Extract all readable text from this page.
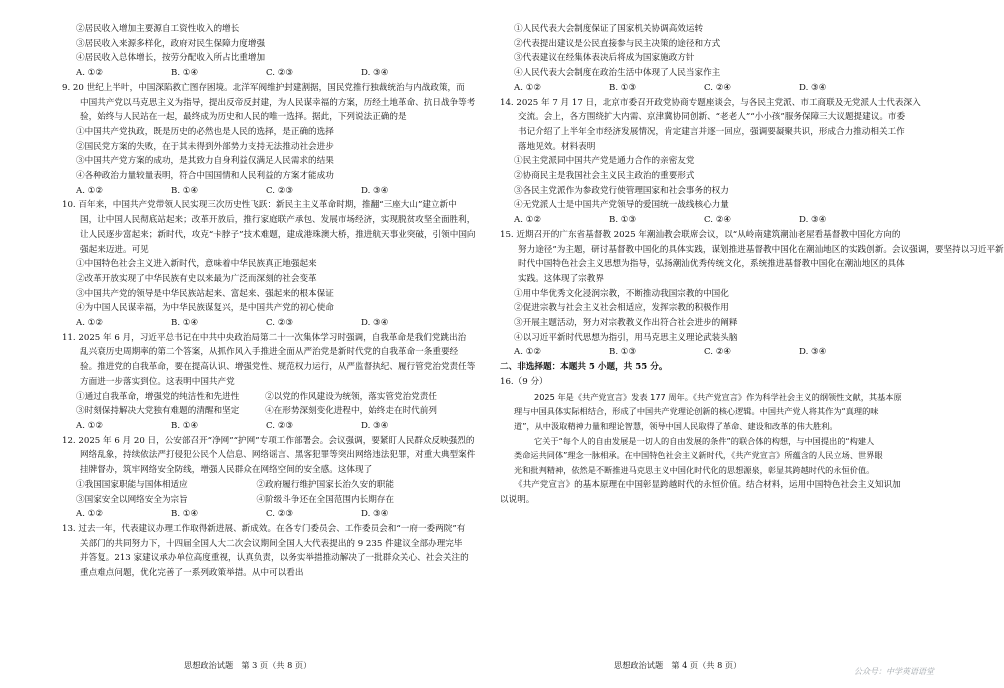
②居民收入增加主要源自工资性收入的增长
③居民收入来源多样化，政府对民生保障力度增强
④居民收入总体增长，按劳分配收入所占比重增加
A. ①②	B. ①④	C. ②③	D. ③④
9. 20 世纪上半叶，中国深陷救亡图存困境。北洋军阀维护封建割据，国民党推行独裁统治与内战政策，而
中国共产党以马克思主义为指导，提出反帝反封建，为人民谋幸福的方案，历经土地革命、抗日战争等考
验，始终与人民站在一起，最终成为历史和人民的唯一选择。据此，下列说法正确的是
①中国共产党执政，既是历史的必然也是人民的选择，是正确的选择
②国民党方案的失败，在于其未得到外部势力支持无法推动社会进步
③中国共产党方案的成功，是其致力自身利益仅满足人民需求的结果
④各种政治力量较量表明，符合中国国情和人民利益的方案才能成功
A. ①②	B. ①④	C. ②③	D. ③④
10. 百年来，中国共产党带领人民实现三次历史性飞跃：新民主主义革命时期，推翻“三座大山”建立新中
国，让中国人民彻底站起来；改革开放后，推行家庭联产承包、发展市场经济，实现脱贫攻坚全面胜利，
让人民逐步富起来；新时代，攻克“卡脖子”技术难题，建成港珠澳大桥，推进航天事业突破，引领中国向
强起来迈进。可见
①中国特色社会主义进入新时代，意味着中华民族真正地强起来
②改革开放实现了中华民族有史以来最为广泛而深刻的社会变革
③中国共产党的领导是中华民族站起来、富起来、强起来的根本保证
④为中国人民谋幸福，为中华民族谋复兴，是中国共产党的初心使命
A. ①②	B. ①④	C. ②③	D. ③④
11. 2025 年 6 月，习近平总书记在中共中央政治局第二十一次集体学习时强调，自我革命是我们党跳出治
乱兴衰历史周期率的第二个答案，从抓作风入手推进全面从严治党是新时代党的自我革命一条重要经
验。推进党的自我革命，要在提高认识、增强党性、规范权力运行，从严监督执纪、履行管党治党责任等
方面进一步落实到位。这表明中国共产党
①通过自我革命，增强党的纯洁性和先进性　　　②以党的作风建设为统领，落实管党治党责任
③时刻保持解决大党独有难题的清醒和坚定　　　④在形势深刻变化进程中，始终走在时代前列
A. ①②	B. ①④	C. ②③	D. ③④
12. 2025 年 6 月 20 日，公安部召开“净网”“护网”专项工作部署会。会议强调，要紧盯人民群众反映强烈的
网络乱象，持续依法严打侵犯公民个人信息、网络谣言、黑客犯罪等突出网络违法犯罪，对重大典型案件
挂牌督办，筑牢网络安全防线，增强人民群众在网络空间的安全感。这体现了
①我国国家职能与国体相适应　　　　　　　　②政府履行维护国家长治久安的职能
③国家安全以网络安全为宗旨　　　　　　　　④阶级斗争还在全国范围内长期存在
A. ①②	B. ①④	C. ②③	D. ③④
13. 过去一年，代表建议办理工作取得新进展、新成效。在各专门委员会、工作委员会和“一府一委两院”有
关部门的共同努力下，十四届全国人大二次会议期间全国人大代表提出的 9 235 件建议全部办理完毕
并答复。213 家建议承办单位高度重视，认真负责，以务实举措推动解决了一批群众关心、社会关注的
重点难点问题，优化完善了一系列政策举措。从中可以看出
①人民代表大会制度保证了国家机关协调高效运转
②代表提出建议是公民直接参与民主决策的途径和方式
③代表建议在经集体表决后将成为国家施政方针
④人民代表大会制度在政治生活中体现了人民当家作主
A. ①②	B. ①③	C. ②④	D. ③④
14. 2025 年 7 月 17 日，北京市委召开政党协商专题座谈会，与各民主党派、市工商联及无党派人士代表深入
交流。会上，各方围绕扩大内需、京津冀协同创新、“老老人”“小小孩”服务保障三大议题提建议。市委
书记介绍了上半年全市经济发展情况，肯定建言并逐一回应，强调要凝聚共识，形成合力推动相关工作
落地见效。材料表明
①民主党派同中国共产党是通力合作的亲密友党
②协商民主是我国社会主义民主政治的重要形式
③各民主党派作为参政党行使管理国家和社会事务的权力
④无党派人士是中国共产党领导的爱国统一战线核心力量
A. ①②	B. ①③	C. ②④	D. ③④
15. 近期召开的广东省基督教 2025 年潮汕教会联席会议，以“从岭南建筑潮汕老屋看基督教中国化方向的
努力途径”为主题，研讨基督教中国化的具体实践，谋划推进基督教中国化在潮汕地区的实践创新。会议强调，要坚持以习近平新
时代中国特色社会主义思想为指导，弘扬潮汕优秀传统文化，系统推进基督教中国化在潮汕地区的具体
实践。这体现了宗教界
①用中华优秀文化浸润宗教，不断推动我国宗教的中国化
②促进宗教与社会主义社会相适应，发挥宗教的积极作用
③开展主题活动，努力对宗教教义作出符合社会进步的阐释
④以习近平新时代思想为指引，用马克思主义理论武装头脑
A. ①②	B. ①③	C. ②④	D. ③④
二、非选择题：本题共 5 小题，共 55 分。
16.（9 分）
2025 年是《共产党宣言》发表 177 周年。《共产党宣言》作为科学社会主义的纲领性文献，其基本原
理与中国具体实际相结合，形成了中国共产党理论创新的核心逻辑。中国共产党人将其作为“真理的味
道”，从中汲取精神力量和理论智慧，领导中国人民取得了革命、建设和改革的伟大胜利。
它关于“每个人的自由发展是一切人的自由发展的条件”的联合体的构想，与中国提出的“构建人
类命运共同体”理念一脉相承。在中国特色社会主义新时代，《共产党宣言》所蕴含的人民立场、世界眼
光和批判精神，依然是不断推进马克思主义中国化时代化的思想源泉，彰显其跨越时代的永恒价值。
《共产党宣言》的基本原理在中国彰显跨越时代的永恒价值。结合材料，运用中国特色社会主义知识加
以说明。
思想政治试题　第 3 页（共 8 页）	思想政治试题　第 4 页（共 8 页）
公众号：中学英语语堂
